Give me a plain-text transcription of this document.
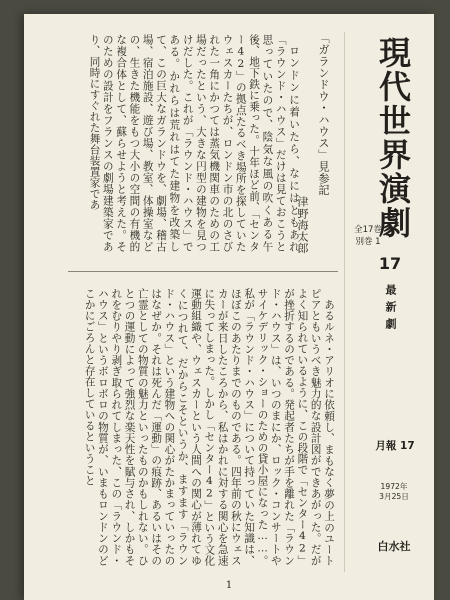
ロンドンに着いたら、なにはともあれ「ラウンド・ハウス」だけは見ておこうと思っていたので、陰気な風の吹くある午後、地下鉄に乗った。十年ほど前、「センター42」の拠点たるべき場所を探していたウェスカーたちが、ロンドン市の北のさびれた一角にかつては蒸気機関車のための工場だったという、大きな円型の建物を見つけだした。これが「ラウンド・ハウス」である。かれらは荒れはてた建物を改築して、この巨大なガランドウを、劇場、稽古場、宿泊施設、遊び場、教室、体操室などの、生きた機能をもつ大小の空間の有機的な複合体として、蘇らせようと考えた。そのための設計をフランスの劇場建築家であり、同時にすぐれた舞台装置家であ	「ガランドウ・ハウス」見参記
津野海太郎

あるルネ・アリオに依頼し、まもなく夢の上のユートピアともいうべき魅力的な設計図ができあがった。だがよく知られているように、この段階で「センター42」が挫折するのである。発起者たちが手を離れた「ラウンド・ハウス」は、いつのまにか、ロック・コンサートやサイケデリック・ショーのための貸小屋になった……。私が「ラウンド・ハウス」について持っていた知識は、ほぼこのあたりまでのものである。四年前の秋にウェスカーが来日したころから、私はかれに対する関心を急速に失ってしまった。しかし「センター42」という文化運動組織や、ウェスカーという人間への関心が薄れてゆくにつれて、だからこそというか、ますます「ラウンド・ハウス」という建物への関心がたかまっていったのはなぜか。それは死んだ「運動」の痕跡、あるいはその亡霊としての物質の魅力といったものかもしれない。ひとつの運動によって強烈な楽天性を賦与され、しかもそれをむりやり剥ぎ取られてしまった、この「ラウンド・ハウス」というボロボロの物質が、いまもロンドンのどこかにごろんと存在しているということ

現代世界演劇
全17巻
別巻 1
17
最新劇
月報 17
1972年
3月25日
白水社
1
